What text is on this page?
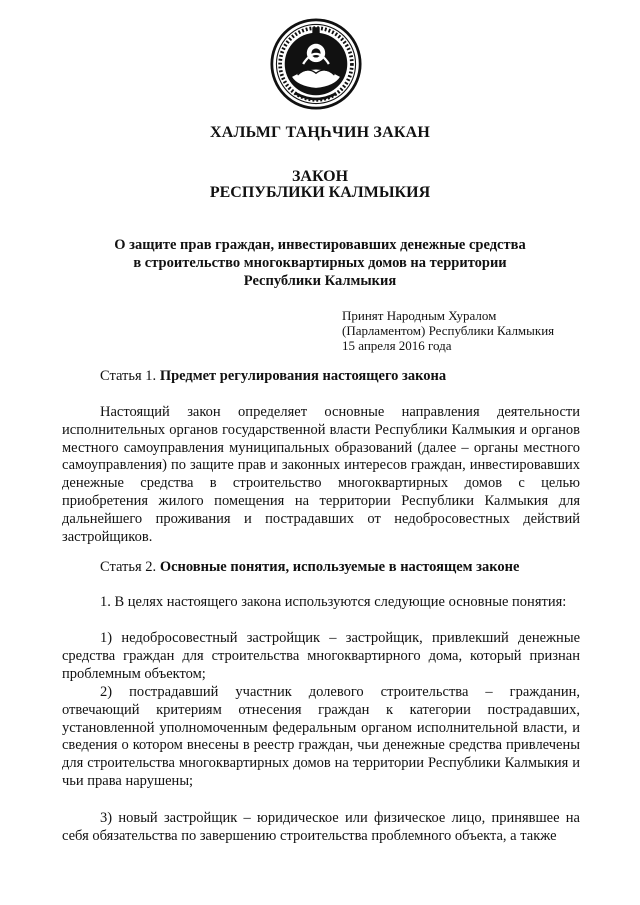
ХАЛЬМГ ТАҢҺЧИН ЗАКАН
ЗАКОН
РЕСПУБЛИКИ КАЛМЫКИЯ
О защите прав граждан, инвестировавших денежные средства
в строительство многоквартирных домов на территории
Республики Калмыкия
Принят Народным Хуралом
(Парламентом) Республики Калмыкия
15 апреля 2016 года
Статья 1. Предмет регулирования настоящего закона
Настоящий закон определяет основные направления деятельности исполнительных органов государственной власти Республики Калмыкия и органов местного самоуправления муниципальных образований (далее – органы местного самоуправления) по защите прав и законных интересов граждан, инвестировавших денежные средства в строительство многоквартирных домов с целью приобретения жилого помещения на территории Республики Калмыкия для дальнейшего проживания и пострадавших от недобросовестных действий застройщиков.
Статья 2. Основные понятия, используемые в настоящем законе
1. В целях настоящего закона используются следующие основные понятия:
1) недобросовестный застройщик – застройщик, привлекший денежные средства граждан для строительства многоквартирного дома, который признан проблемным объектом;
2) пострадавший участник долевого строительства – гражданин, отвечающий критериям отнесения граждан к категории пострадавших, установленной уполномоченным федеральным органом исполнительной власти, и сведения о котором внесены в реестр граждан, чьи денежные средства привлечены для строительства многоквартирных домов на территории Республики Калмыкия и чьи права нарушены;
3) новый застройщик – юридическое или физическое лицо, принявшее на себя обязательства по завершению строительства проблемного объекта, а также
